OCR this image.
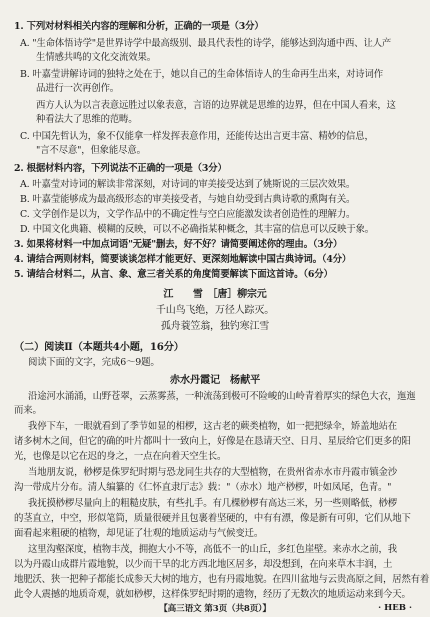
1. 下列对材料相关内容的理解和分析，正确的一项是（3分）
A. "生命体悟诗学"是世界诗学中最高级别、最具代表性的诗学，能够达到沟通中西、让人产
生情感共鸣的文化交流效果。
B. 叶嘉莹讲解诗词的独特之处在于，她以自己的生命体悟诗人的生命再生出来，对诗词作
品进行一次再创作。
西方人认为以言表意远胜过以象表意，言语的边界就是思维的边界，但在中国人看来，这
种看法大了思维的范畴。
C. 中国先哲认为，象不仅能拿一样发挥表意作用，还能传达出言更丰富、精妙的信息，
"言不尽意"，但象能尽意。
2. 根据材料内容，下列说法不正确的一项是（3分）
A. 叶嘉莹对诗词的解读非常深刻，对诗词的审美接受达到了姚斯说的三层次效果。
B. 叶嘉莹能够成为最高级形态的审美接受者，与她自幼受到古典诗歌的熏陶有关。
C. 文学创作是以为，文学作品中的不确定性与空白应能激发读者创造性的理解力。
D. 中国文化典籍、模糊的反映，可以不必确指某种概念，其丰富的信息可以反映于象。
3. 如果将材料一中加点词语"无疑"删去，好不好？请简要阐述你的理由。（3分）
4. 请结合两则材料，简要谈谈怎样才能更好、更深刻地解读中国古典诗词。（4分）
5. 请结合材料二，从言、象、意三者关系的角度简要解读下面这首诗。（6分）
江　　雪　［唐］柳宗元
千山鸟飞绝，万径人踪灭。
孤舟蓑笠翁，独钓寒江雪
（二）阅读Ⅱ（本题共4小题，16分）
阅读下面的文字，完成6～9题。
赤水丹霞记　杨献平
沿途河水涌涌，山野苍翠，云蒸雾蒸，一种流荡到极可不险峻的山岭青着厚实的绿色大衣，迤迤
而来。
我停下车，一眼就看到了季节如显的相椤，这古老的蕨类植物，如一把把绿伞，矫盖地站在
诸多树木之间，但它的确的叶片都叫十一致向上，好像是在恳请天空、日月、星辰给它们更多的阳
光，也像是以它在迟的身之，一点在向着天空生长。
当地朋友说，桫椤是侏罗纪时期与恐龙同生共存的大型植物，在贵州省赤水市丹霞市镇金沙
沟一带成片分布。清人编纂的《仁怀直隶厅志》载："（赤水）地产桫椤，叶如凤尾，色青。"
我抚摸桫椤尽量向上的粗糙皮肤，有些扎手。有几棵桫椤有高达三米，另一些则略低，桫椤
的茎直立，中空，形似笔筒，质量很硬并且包裹着坚硬的，中有有漂，像是新有可卯，它们从地下
面看起来粗硬的植物，却见证了壮观的地质运动与气候变迁。
这里沟壑深度，植物丰茂，拥抱大小不等，高低不一的山丘，多红色崖壁。来赤水之前，我
以为丹霞山成群片霞地貌，以少而干旱的北方西北地区居多，却没想到，在向来草木丰润，土
地肥沃、狭一把种子都能长成参天大树的地方，也有丹霞地貌。在四川盆地与云贵高原之间，居然有着
此令人震撼的地质奇观，就如桫椤，这样侏罗纪时期的遗物，经历了无数次的地质运动来到今天。
【高三语文 第3页（共8页）】	· HEB ·
